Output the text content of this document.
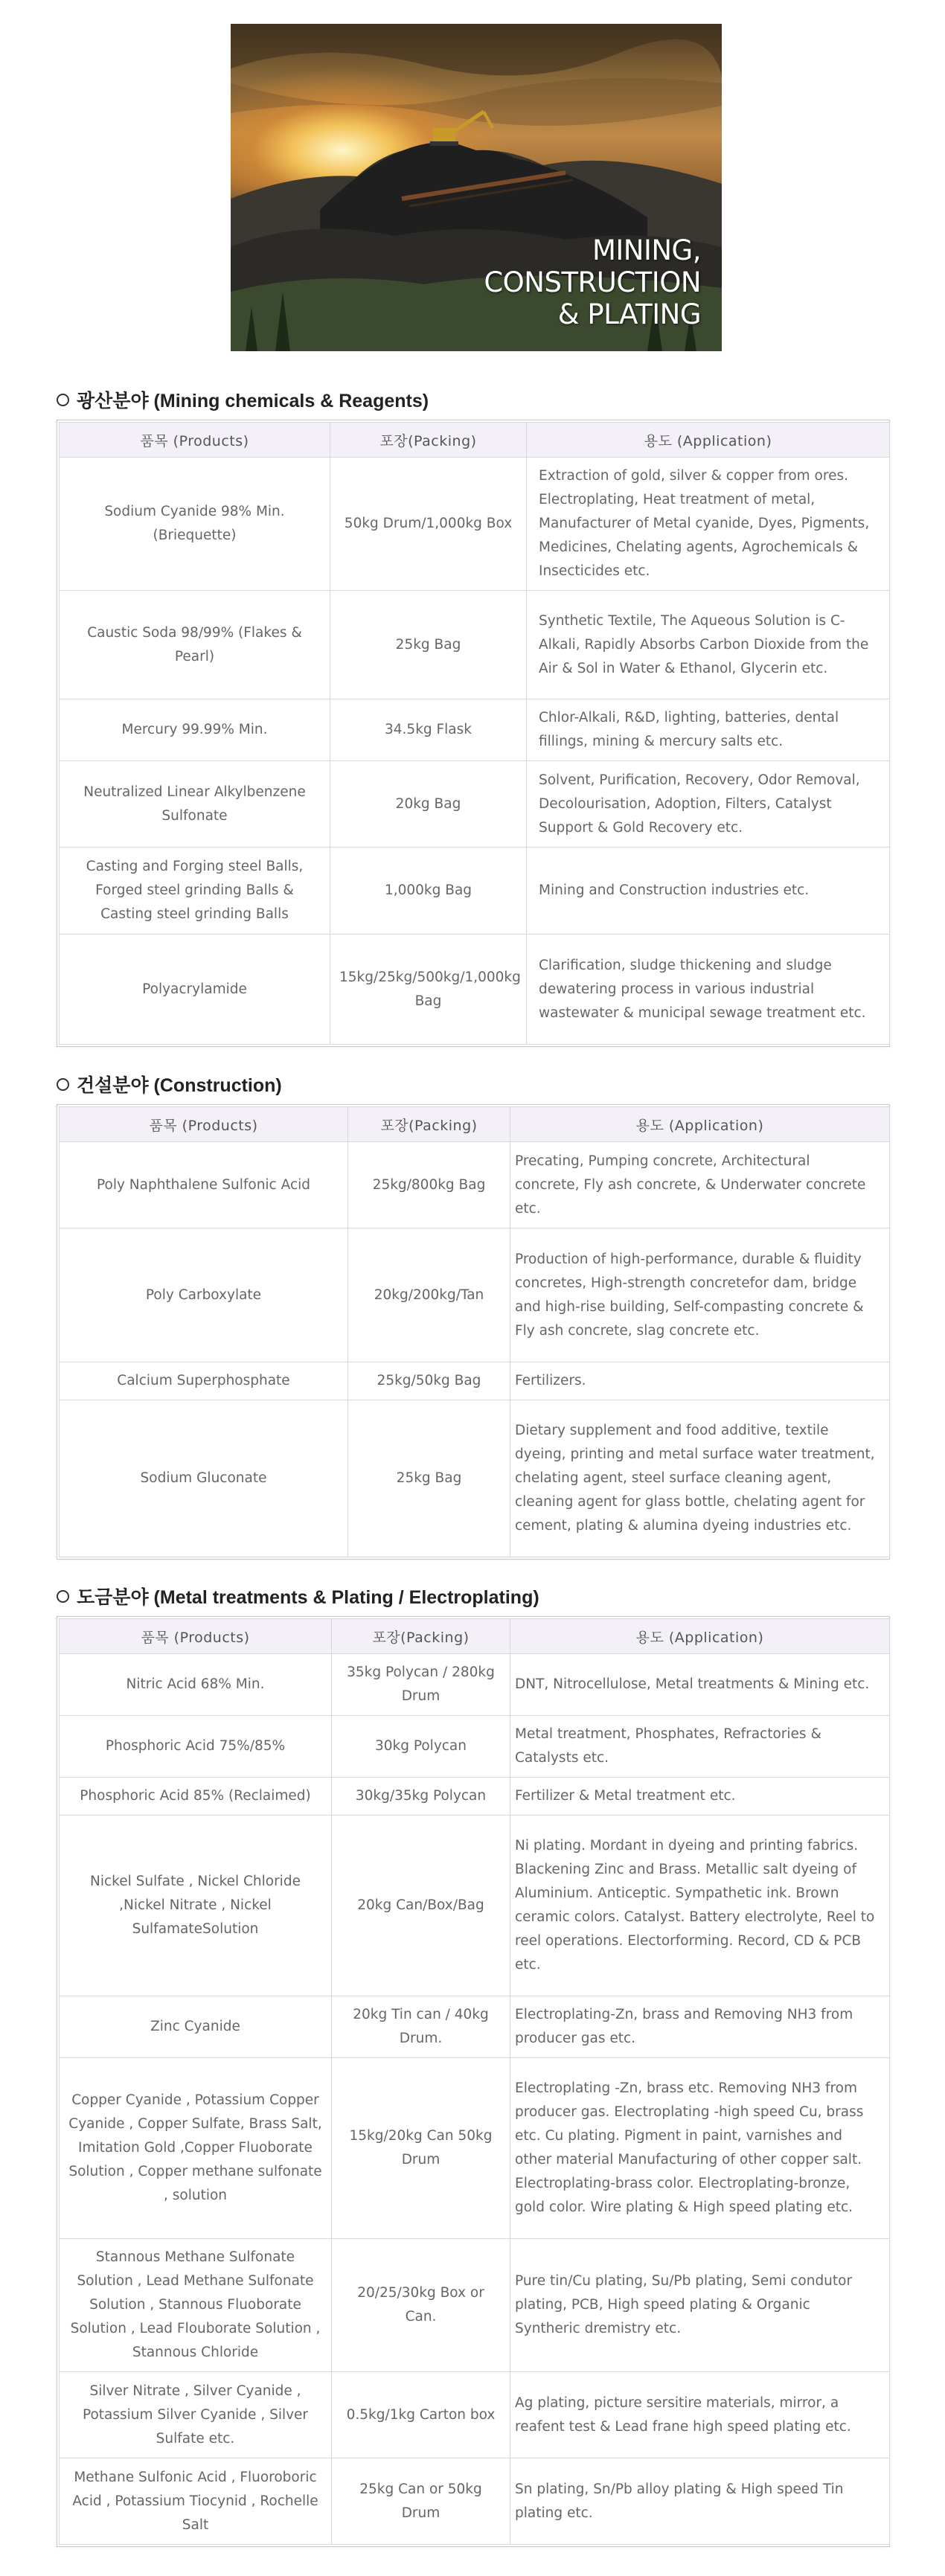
MINING,
CONSTRUCTION
& PLATING
광산분야 (Mining chemicals & Reagents)
품목 (Products)	포장(Packing)	용도 (Application)
Sodium Cyanide 98% Min. (Briequette)	50kg Drum/1,000kg Box	Extraction of gold, silver & copper from ores. Electroplating, Heat treatment of metal, Manufacturer of Metal cyanide, Dyes, Pigments, Medicines, Chelating agents, Agrochemicals & Insecticides etc.
Caustic Soda 98/99% (Flakes & Pearl)	25kg Bag	Synthetic Textile, The Aqueous Solution is C-Alkali, Rapidly Absorbs Carbon Dioxide from the Air & Sol in Water & Ethanol, Glycerin etc.
Mercury 99.99% Min.	34.5kg Flask	Chlor-Alkali, R&D, lighting, batteries, dental fillings, mining & mercury salts etc.
Neutralized Linear Alkylbenzene Sulfonate	20kg Bag	Solvent, Purification, Recovery, Odor Removal, Decolourisation, Adoption, Filters, Catalyst Support & Gold Recovery etc.
Casting and Forging steel Balls, Forged steel grinding Balls & Casting steel grinding Balls	1,000kg Bag	Mining and Construction industries etc.
Polyacrylamide	15kg/25kg/500kg/1,000kg Bag	Clarification, sludge thickening and sludge dewatering process in various industrial wastewater & municipal sewage treatment etc.
건설분야 (Construction)
품목 (Products)	포장(Packing)	용도 (Application)
Poly Naphthalene Sulfonic Acid	25kg/800kg Bag	Precating, Pumping concrete, Architectural concrete, Fly ash concrete, & Underwater concrete etc.
Poly Carboxylate	20kg/200kg/Tan	Production of high-performance, durable & fluidity concretes, High-strength concretefor dam, bridge and high-rise building, Self-compasting concrete & Fly ash concrete, slag concrete etc.
Calcium Superphosphate	25kg/50kg Bag	Fertilizers.
Sodium Gluconate	25kg Bag	Dietary supplement and food additive, textile dyeing, printing and metal surface water treatment, chelating agent, steel surface cleaning agent, cleaning agent for glass bottle, chelating agent for cement, plating & alumina dyeing industries etc.
도금분야 (Metal treatments & Plating / Electroplating)
품목 (Products)	포장(Packing)	용도 (Application)
Nitric Acid 68% Min.	35kg Polycan / 280kg Drum	DNT, Nitrocellulose, Metal treatments & Mining etc.
Phosphoric Acid 75%/85%	30kg Polycan	Metal treatment, Phosphates, Refractories & Catalysts etc.
Phosphoric Acid 85% (Reclaimed)	30kg/35kg Polycan	Fertilizer & Metal treatment etc.
Nickel Sulfate , Nickel Chloride ,Nickel Nitrate , Nickel SulfamateSolution	20kg Can/Box/Bag	Ni plating. Mordant in dyeing and printing fabrics. Blackening Zinc and Brass. Metallic salt dyeing of Aluminium. Anticeptic. Sympathetic ink. Brown ceramic colors. Catalyst. Battery electrolyte, Reel to reel operations. Electorforming. Record, CD & PCB etc.
Zinc Cyanide	20kg Tin can / 40kg Drum.	Electroplating-Zn, brass and Removing NH3 from producer gas etc.
Copper Cyanide , Potassium Copper Cyanide , Copper Sulfate, Brass Salt, Imitation Gold ,Copper Fluoborate Solution , Copper methane sulfonate , solution	15kg/20kg Can 50kg Drum	Electroplating -Zn, brass etc. Removing NH3 from producer gas. Electroplating -high speed Cu, brass etc. Cu plating. Pigment in paint, varnishes and other material Manufacturing of other copper salt. Electroplating-brass color. Electroplating-bronze, gold color. Wire plating & High speed plating etc.
Stannous Methane Sulfonate Solution , Lead Methane Sulfonate Solution , Stannous Fluoborate Solution , Lead Flouborate Solution , Stannous Chloride	20/25/30kg Box or Can.	Pure tin/Cu plating, Su/Pb plating, Semi condutor plating, PCB, High speed plating & Organic Syntheric dremistry etc.
Silver Nitrate , Silver Cyanide , Potassium Silver Cyanide , Silver Sulfate etc.	0.5kg/1kg Carton box	Ag plating, picture sersitire materials, mirror, a reafent test & Lead frane high speed plating etc.
Methane Sulfonic Acid , Fluoroboric Acid , Potassium Tiocynid , Rochelle Salt	25kg Can or 50kg Drum	Sn plating, Sn/Pb alloy plating & High speed Tin plating etc.
